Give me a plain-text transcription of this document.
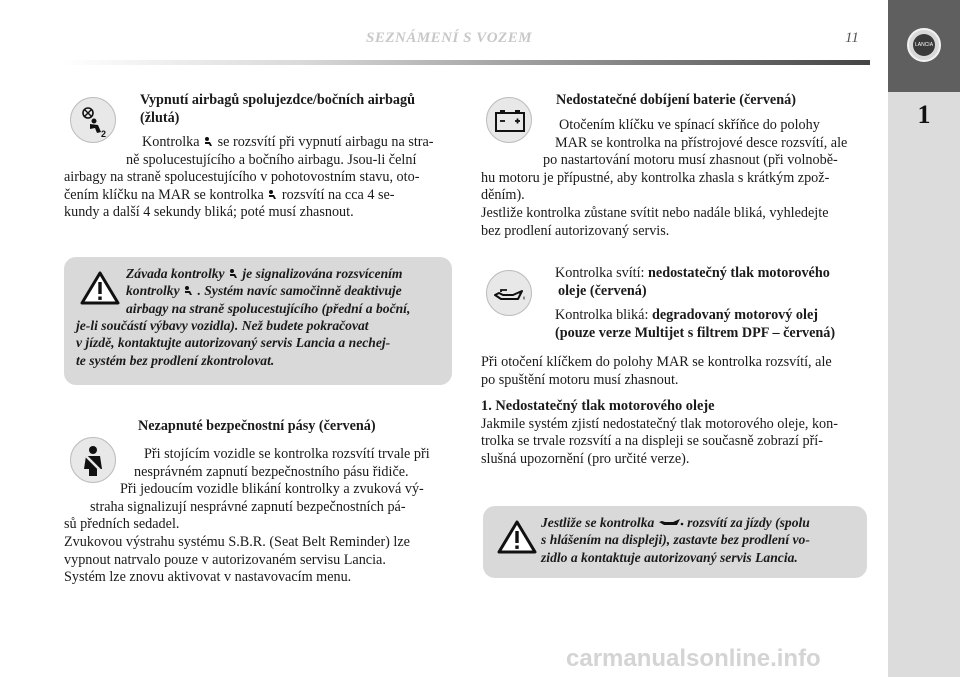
SEZNÁMENÍ S VOZEM	11	LANCIA
1
2

Vypnutí airbagů spolujezdce/bočních airbagů

(žlutá)

Kontrolka se rozsvítí při vypnutí airbagu na stra-

ně spolucestujícího a bočního airbagu. Jsou-li čelní

airbagy na straně spolucestujícího v pohotovostním stavu, oto-

čením klíčku na MAR se kontrolka rozsvítí na cca 4 se-

kundy a další 4 sekundy bliká; poté musí zhasnout.

Závada kontrolky je signalizována rozsvícením

kontrolky . Systém navíc samočinně deaktivuje

airbagy na straně spolucestujícího (přední a boční,

je-li součástí výbavy vozidla). Než budete pokračovat

v jízdě, kontaktujte autorizovaný servis Lancia a nechej-

te systém bez prodlení zkontrolovat.

Nezapnuté bezpečnostní pásy (červená)

Při stojícím vozidle se kontrolka rozsvítí trvale při

nesprávném zapnutí bezpečnostního pásu řidiče.

Při jedoucím vozidle blikání kontrolky a zvuková vý-

straha signalizují nesprávné zapnutí bezpečnostních pá-

sů předních sedadel.

Zvukovou výstrahu systému S.B.R. (Seat Belt Reminder) lze

vypnout natrvalo pouze v autorizovaném servisu Lancia.

Systém lze znovu aktivovat v nastavovacím menu.

Nedostatečné dobíjení baterie (červená)

Otočením klíčku ve spínací skříňce do polohy

MAR se kontrolka na přístrojové desce rozsvítí, ale

po nastartování motoru musí zhasnout (při volnobě-

hu motoru je přípustné, aby kontrolka zhasla s krátkým zpož-

děním).

Jestliže kontrolka zůstane svítit nebo nadále bliká, vyhledejte

bez prodlení autorizovaný servis.

Kontrolka svítí: nedostatečný tlak motorového

oleje (červená)

Kontrolka bliká: degradovaný motorový olej

(pouze verze Multijet s filtrem DPF – červená)

Při otočení klíčkem do polohy MAR se kontrolka rozsvítí, ale

po spuštění motoru musí zhasnout.

1. Nedostatečný tlak motorového oleje

Jakmile systém zjistí nedostatečný tlak motorového oleje, kon-

trolka se trvale rozsvítí a na displeji se současně zobrazí pří-

slušná upozornění (pro určité verze).

Jestliže se kontrolka rozsvítí za jízdy (spolu

s hlášením na displeji), zastavte bez prodlení vo-

zidlo a kontaktuje autorizovaný servis Lancia.

carmanualsonline.info
